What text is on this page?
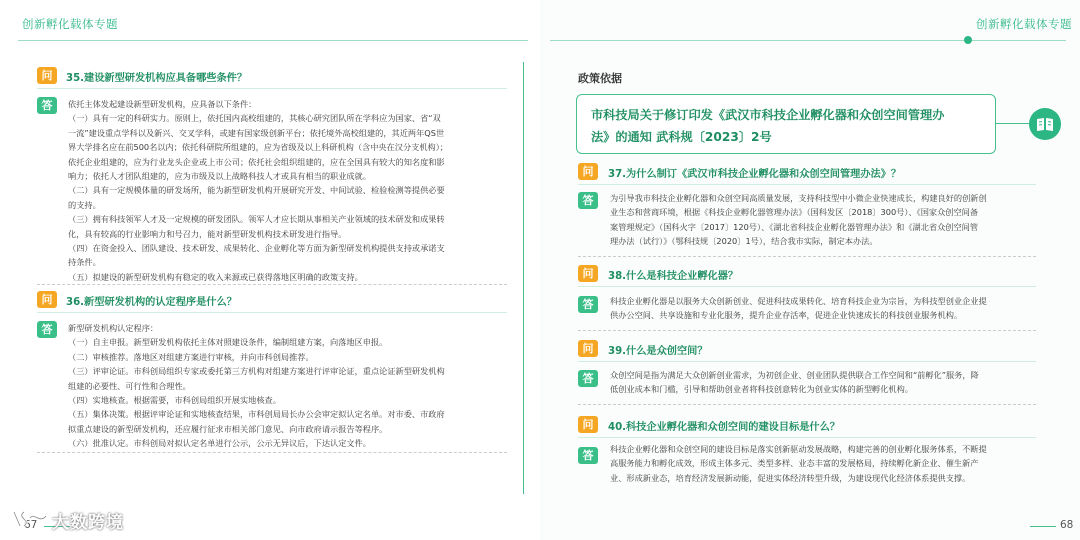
创新孵化载体专题
问	35.建设新型研发机构应具备哪些条件？
答	依托主体发起建设新型研发机构，应具备以下条件：

（一）具有一定的科研实力。原则上，依托国内高校组建的，其核心研究团队所在学科应为国家、省“双

一流”建设重点学科以及新兴、交叉学科，或建有国家级创新平台；依托境外高校组建的，其近两年QS世

界大学排名应在前500名以内；依托科研院所组建的，应为省级及以上科研机构（含中央在汉分支机构）；

依托企业组建的，应为行业龙头企业或上市公司；依托社会组织组建的，应在全国具有较大的知名度和影

响力；依托人才团队组建的，应为市级及以上战略科技人才或具有相当的职业成就。

（二）具有一定规模体量的研发场所，能为新型研发机构开展研究开发、中间试验、检验检测等提供必要

的支持。

（三）拥有科技领军人才及一定规模的研发团队。领军人才应长期从事相关产业领域的技术研发和成果转

化，具有较高的行业影响力和号召力，能对新型研发机构技术研发进行指导。

（四）在资金投入、团队建设、技术研发、成果转化、企业孵化等方面为新型研发机构提供支持或承诺支

持条件。

（五）拟建设的新型研发机构有稳定的收入来源或已获得落地区明确的政策支持。

问	36.新型研发机构的认定程序是什么？
答	新型研发机构认定程序：

（一）自主申报。新型研发机构依托主体对照建设条件，编制组建方案，向落地区申报。

（二）审核推荐。落地区对组建方案进行审核，并向市科创局推荐。

（三）评审论证。市科创局组织专家或委托第三方机构对组建方案进行评审论证，重点论证新型研发机构

组建的必要性、可行性和合理性。

（四）实地核查。根据需要，市科创局组织开展实地核查。

（五）集体决策。根据评审论证和实地核查结果，市科创局局长办公会审定拟认定名单。对市委、市政府

拟重点建设的新型研发机构，还应履行征求市相关部门意见、向市政府请示报告等程序。

（六）批准认定。市科创局对拟认定名单进行公示，公示无异议后，下达认定文件。

67 大数跨境
创新孵化载体专题
政策依据
市科技局关于修订印发《武汉市科技企业孵化器和众创空间管理办
法》的通知 武科规〔2023〕2号
问	37.为什么制订《武汉市科技企业孵化器和众创空间管理办法》？
答	为引导我市科技企业孵化器和众创空间高质量发展，支持科技型中小微企业快速成长，构建良好的创新创

业生态和营商环境，根据《科技企业孵化器管理办法》（国科发区〔2018〕300号）、《国家众创空间备

案管理规定》（国科火字〔2017〕120号）、《湖北省科技企业孵化器管理办法》和《湖北省众创空间管

理办法（试行）》（鄂科技规〔2020〕1号），结合我市实际，制定本办法。

问	38.什么是科技企业孵化器？
答	科技企业孵化器是以服务大众创新创业、促进科技成果转化、培育科技企业为宗旨，为科技型创业企业提

供办公空间、共享设施和专业化服务，提升企业存活率，促进企业快速成长的科技创业服务机构。

问	39.什么是众创空间？
答	众创空间是指为满足大众创新创业需求，为初创企业、创业团队提供联合工作空间和“前孵化”服务，降

低创业成本和门槛，引导和帮助创业者将科技创意转化为创业实体的新型孵化机构。

问	40.科技企业孵化器和众创空间的建设目标是什么？
答	科技企业孵化器和众创空间的建设目标是落实创新驱动发展战略，构建完善的创业孵化服务体系，不断提

高服务能力和孵化成效，形成主体多元、类型多样、业态丰富的发展格局，持续孵化新企业、催生新产

业、形成新业态，培育经济发展新动能，促进实体经济转型升级，为建设现代化经济体系提供支撑。

68
